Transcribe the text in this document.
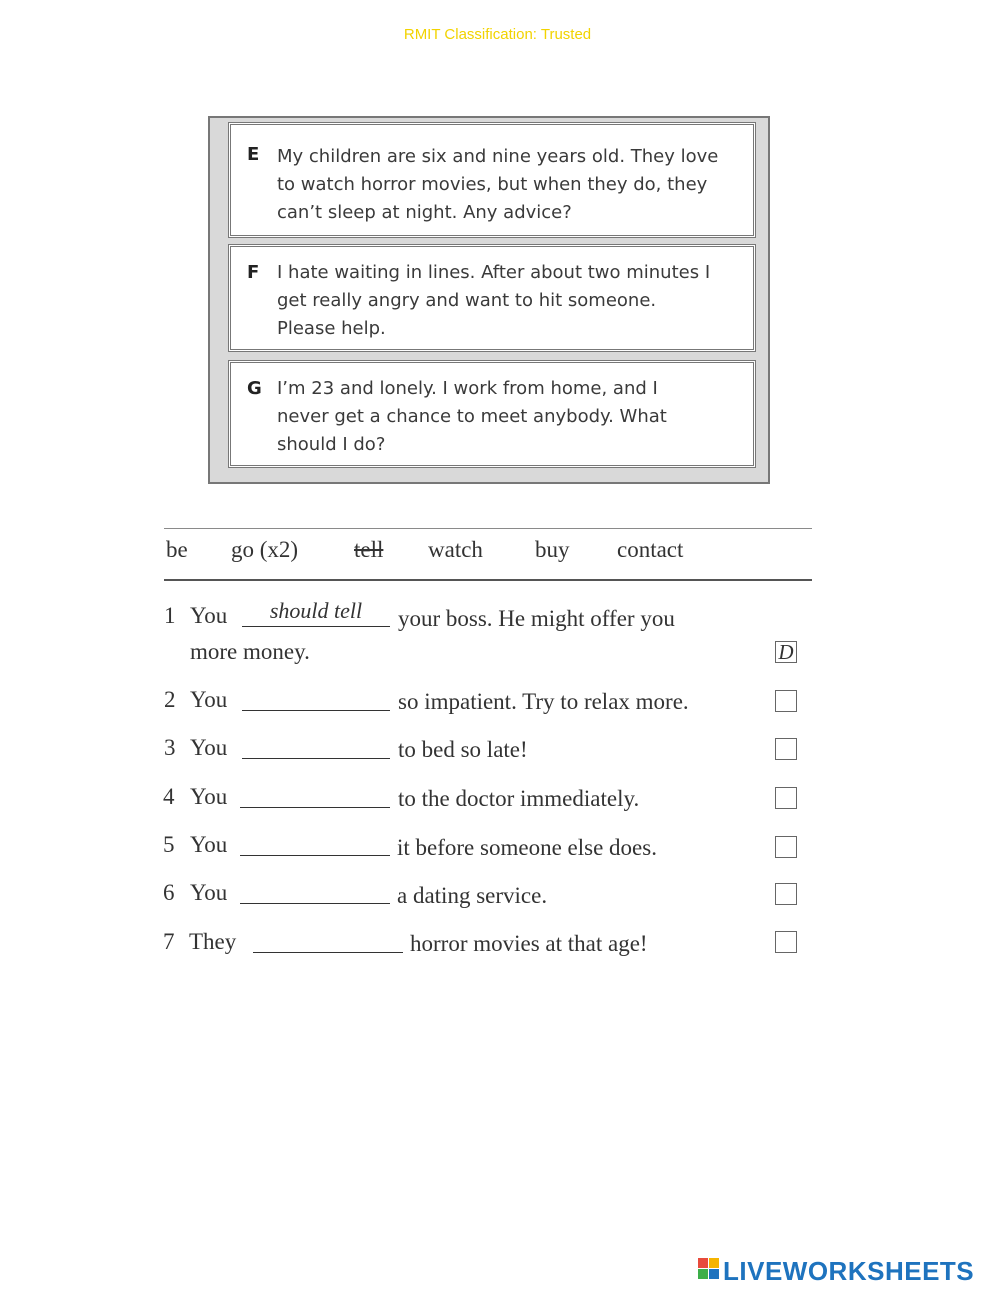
RMIT Classification: Trusted
E My children are six and nine years old. They love
to watch horror movies, but when they do, they
can’t sleep at night. Any advice?
F I hate waiting in lines. After about two minutes I
get really angry and want to hit someone.
Please help.
G I’m 23 and lonely. I work from home, and I
never get a chance to meet anybody. What
should I do?
be go (x2) tell watch buy contact
1 You	should tell	your boss. He might offer you
more money.	D
2 You	so impatient. Try to relax more.
3 You	to bed so late!
4 You	to the doctor immediately.
5 You	it before someone else does.
6 You	a dating service.
7 They	horror movies at that age!
LIVEWORKSHEETS
